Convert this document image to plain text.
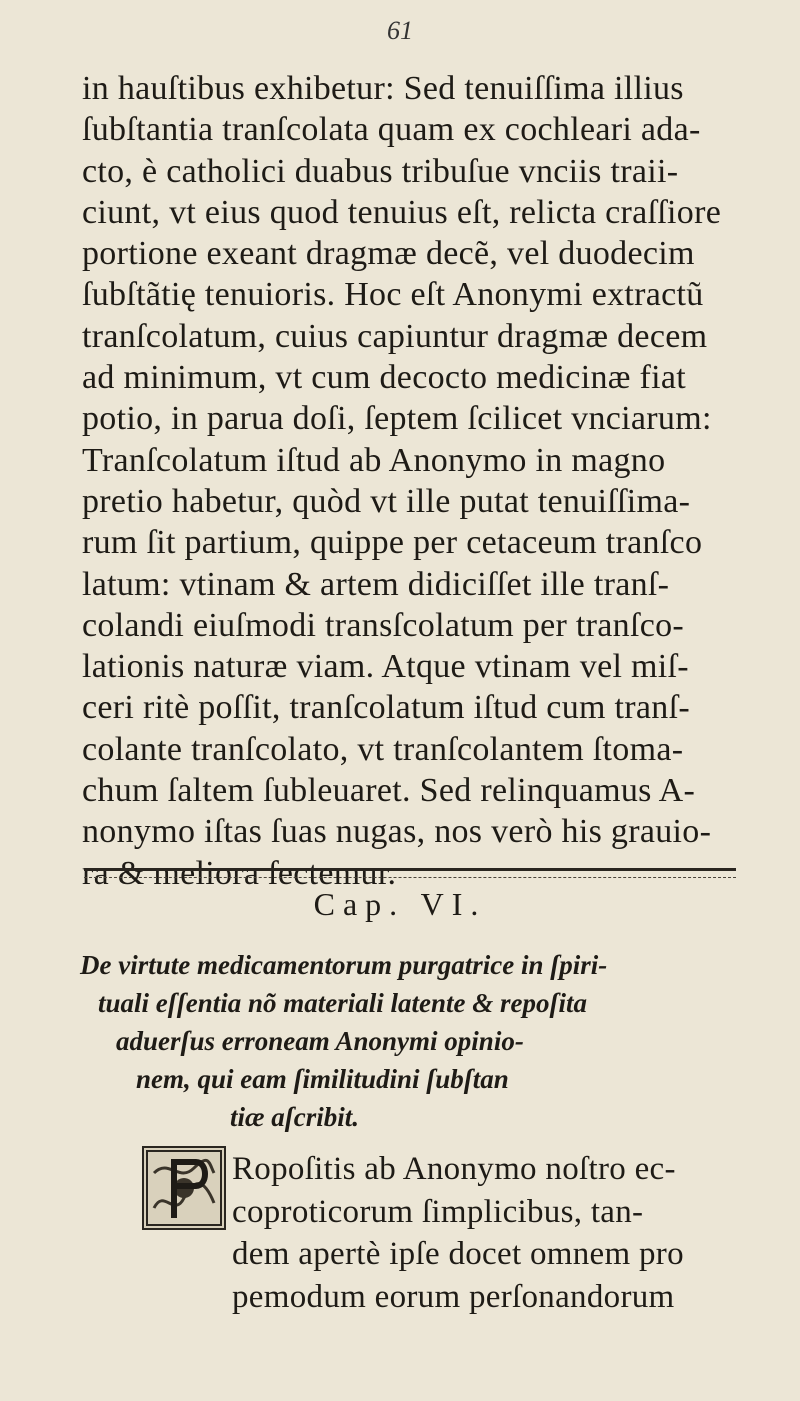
61
in hauſtibus exhibetur: Sed tenuiſſima illius
ſubſtantia tranſcolata quam ex cochleari ada-
cto, è catholici duabus tribuſue vnciis traii-
ciunt, vt eius quod tenuius eſt, relicta craſſiore
portione exeant dragmæ decẽ, vel duodecim
ſubſtãtię tenuioris. Hoc eſt Anonymi extractũ
tranſcolatum, cuius capiuntur dragmæ decem
ad minimum, vt cum decocto medicinæ fiat
potio, in parua doſi, ſeptem ſcilicet vnciarum:
Tranſcolatum iſtud ab Anonymo in magno
pretio habetur, quòd vt ille putat tenuiſſima-
rum ſit partium, quippe per cetaceum tranſco
latum: vtinam & artem didiciſſet ille tranſ-
colandi eiuſmodi transſcolatum per tranſco-
lationis naturæ viam. Atque vtinam vel miſ-
ceri ritè poſſit, tranſcolatum iſtud cum tranſ-
colante tranſcolato, vt tranſcolantem ſtoma-
chum ſaltem ſubleuaret. Sed relinquamus A-
nonymo iſtas ſuas nugas, nos verò his grauio-
ra & meliora ſectemur.
Cap. VI.
De virtute medicamentorum purgatrice in ſpiri-
tuali eſſentia nõ materiali latente & repoſita
aduerſus erroneam Anonymi opinio-
nem, qui eam ſimilitudini ſubſtan
tiæ aſcribit.
Ropoſitis ab Anonymo noſtro ec-
coproticorum ſimplicibus, tan-
dem apertè ipſe docet omnem pro
pemodum eorum perſonandorum
